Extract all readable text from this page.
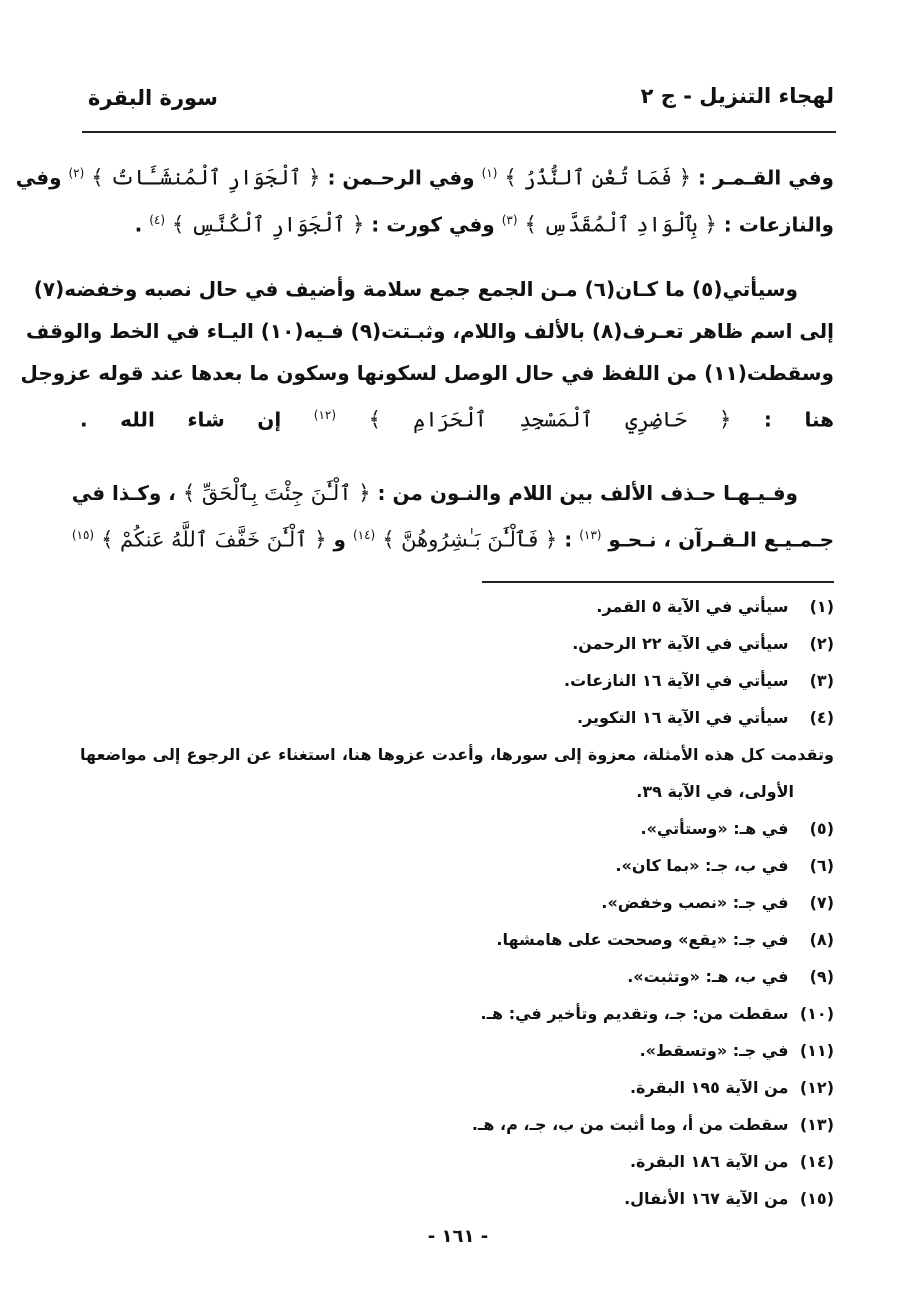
لهجاء التنزيل - ج ٢
سورة البقرة
وفي القـمـر : ﴿ فَمَا تُغْنِ ٱلنُّذُرُ ﴾ $^{(١)}$ وفي الرحـمن : ﴿ ٱلْجَوَارِ ٱلْمُنشَـَٔاتُ ﴾ $^{(٢)}$ وفي
والنازعات : ﴿ بِٱلْوَادِ ٱلْمُقَدَّسِ ﴾ $^{(٣)}$ وفي كورت : ﴿ ٱلْجَوَارِ ٱلْكُنَّسِ ﴾ $^{(٤)}$ .
وسيأتي(٥) ما كـان(٦) مـن الجمع جمع سلامة وأضيف في حال نصبه وخفضه(٧)
إلى اسم ظاهر تعـرف(٨) بالألف واللام، وثبـتت(٩) فـيه(١٠) اليـاء في الخط والوقف
وسقطت(١١) من اللفظ في حال الوصل لسكونها وسكون ما بعدها عند قوله عزوجل
هنا : ﴿ حَاضِرِي ٱلْمَسْجِدِ ٱلْحَرَامِ ﴾ $^{(١٢)}$ إن شاء الله .
وفـيـهـا حـذف الألف بين اللام والنـون من : ﴿ ٱلْـَٰٔنَ جِئْتَ بِٱلْحَقِّ ﴾ ، وكـذا في
جـمـيـع الـقـرآن ، نـحـو $^{(١٣)}$ : ﴿ فَٱلْـَٰٔنَ بَـٰشِرُوهُنَّ ﴾ $^{(١٤)}$ و ﴿ ٱلْـَٰٔنَ خَفَّفَ ٱللَّهُ عَنكُمْ ﴾ $^{(١٥)}$
(١) سيأتي في الآية ٥ القمر.
(٢) سيأتي في الآية ٢٢ الرحمن.
(٣) سيأتي في الآية ١٦ النازعات.
(٤) سيأتي في الآية ١٦ التكوير.
وتقدمت كل هذه الأمثلة، معزوة إلى سورها، وأعدت عزوها هنا، استغناء عن الرجوع إلى مواضعها
الأولى، في الآية ٣٩.
(٥) في هـ: «وستأتي».
(٦) في ب، جـ: «بما كان».
(٧) في جـ: «نصب وخفض».
(٨) في جـ: «يقع» وصححت على هامشها.
(٩) في ب، هـ: «وتثبت».
(١٠) سقطت من: جـ، وتقديم وتأخير في: هـ.
(١١) في جـ: «وتسقط».
(١٢) من الآية ١٩٥ البقرة.
(١٣) سقطت من أ، وما أثبت من ب، جـ، م، هـ.
(١٤) من الآية ١٨٦ البقرة.
(١٥) من الآية ١٦٧ الأنفال.
- ١٦١ -
